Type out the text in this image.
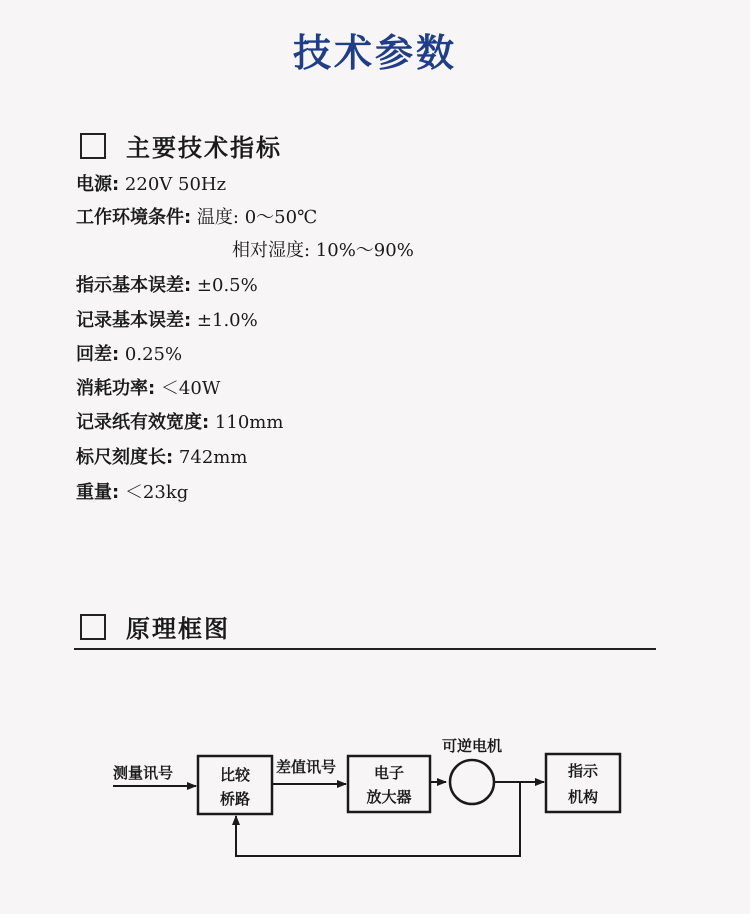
技术参数
主要技术指标
电源: 220V 50Hz
工作环境条件: 温度: 0～50℃
相对湿度: 10%～90%
指示基本误差: ±0.5%
记录基本误差: ±1.0%
回差: 0.25%
消耗功率: ＜40W
记录纸有效宽度: 110mm
标尺刻度长: 742mm
重量: ＜23kg
原理框图
测量讯号	比较
桥路
差值讯号	电子
放大器
可逆电机
指示
机构
